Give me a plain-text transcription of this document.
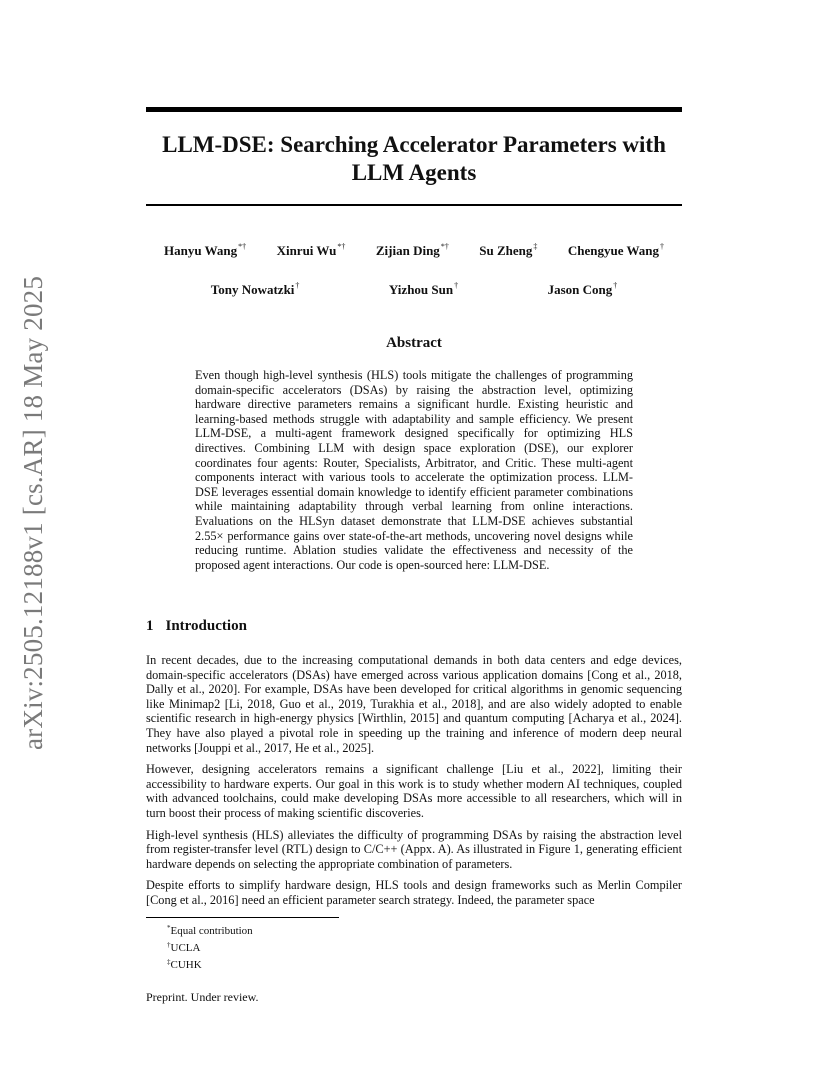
arXiv:2505.12188v1 [cs.AR] 18 May 2025
LLM-DSE: Searching Accelerator Parameters with LLM Agents
Hanyu Wang*† Xinrui Wu*† Zijian Ding*† Su Zheng‡ Chengyue Wang†
Tony Nowatzki†	Yizhou Sun†	Jason Cong†
Abstract
Even though high-level synthesis (HLS) tools mitigate the challenges of programming domain-specific accelerators (DSAs) by raising the abstraction level, optimizing hardware directive parameters remains a significant hurdle. Existing heuristic and learning-based methods struggle with adaptability and sample efficiency. We present LLM-DSE, a multi-agent framework designed specifically for optimizing HLS directives. Combining LLM with design space exploration (DSE), our explorer coordinates four agents: Router, Specialists, Arbitrator, and Critic. These multi-agent components interact with various tools to accelerate the optimization process. LLM-DSE leverages essential domain knowledge to identify efficient parameter combinations while maintaining adaptability through verbal learning from online interactions. Evaluations on the HLSyn dataset demonstrate that LLM-DSE achieves substantial 2.55× performance gains over state-of-the-art methods, uncovering novel designs while reducing runtime. Ablation studies validate the effectiveness and necessity of the proposed agent interactions. Our code is open-sourced here: LLM-DSE.
1 Introduction

In recent decades, due to the increasing computational demands in both data centers and edge devices, domain-specific accelerators (DSAs) have emerged across various application domains [Cong et al., 2018, Dally et al., 2020]. For example, DSAs have been developed for critical algorithms in genomic sequencing like Minimap2 [Li, 2018, Guo et al., 2019, Turakhia et al., 2018], and are also widely adopted to enable scientific research in high-energy physics [Wirthlin, 2015] and quantum computing [Acharya et al., 2024]. They have also played a pivotal role in speeding up the training and inference of modern deep neural networks [Jouppi et al., 2017, He et al., 2025].

However, designing accelerators remains a significant challenge [Liu et al., 2022], limiting their accessibility to hardware experts. Our goal in this work is to study whether modern AI techniques, coupled with advanced toolchains, could make developing DSAs more accessible to all researchers, which will in turn boost their process of making scientific discoveries.

High-level synthesis (HLS) alleviates the difficulty of programming DSAs by raising the abstraction level from register-transfer level (RTL) design to C/C++ (Appx. A). As illustrated in Figure 1, generating efficient hardware depends on selecting the appropriate combination of parameters.

Despite efforts to simplify hardware design, HLS tools and design frameworks such as Merlin Compiler [Cong et al., 2016] need an efficient parameter search strategy. Indeed, the parameter space

*Equal contribution
†UCLA
‡CUHK
Preprint. Under review.
